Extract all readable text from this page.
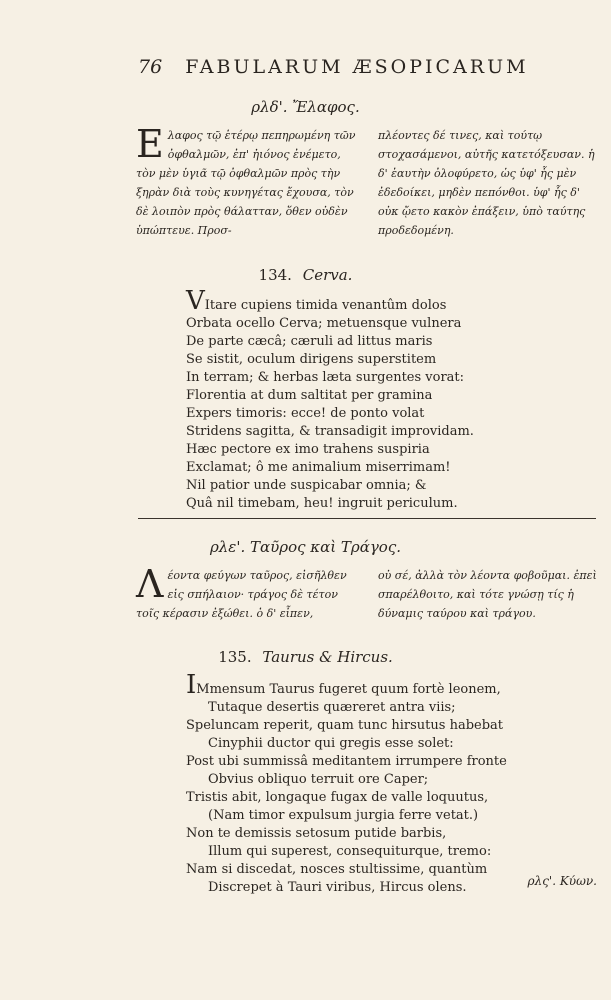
76 FABULARUM ÆSOPICARUM
ρλδ'. Ἔλαφος.
Ελαφος τῷ ἑτέρῳ πεπηρωμένη τῶν ὀφθαλμῶν, ἐπ' ἠιόνος ἐνέμετο, τὸν μὲν ὑγιᾶ τῷ ὀφθαλμῶν πρὸς τὴν ξηρὰν διὰ τοὺς κυνηγέτας ἔχουσα, τὸν δὲ λοιπὸν πρὸς θάλατταν, ὅθεν οὐδὲν ὑπώπτευε. Προσ-
πλέοντες δέ τινες, καὶ τούτῳ στοχασάμενοι, αὐτῆς κατετόξευσαν. ἡ δ' ἑαυτὴν ὀλοφύρετο, ὡς ὑφ' ἧς μὲν ἐδεδοίκει, μηδὲν πεπόνθοι. ὑφ' ἧς δ' οὐκ ᾤετο κακὸν ἐπάξειν, ὑπὸ ταύτης προδεδομένη.
134. Cerva.
VItare cupiens timida venantûm dolos
Orbata ocello Cerva; metuensque vulnera
De parte cæcâ; cæruli ad littus maris
Se sistit, oculum dirigens superstitem
In terram; & herbas læta surgentes vorat:
Florentia at dum saltitat per gramina
Expers timoris: ecce! de ponto volat
Stridens sagitta, & transadigit improvidam.
Hæc pectore ex imo trahens suspiria
Exclamat; ô me animalium miserrimam!
Nil patior unde suspicabar omnia; &
Quâ nil timebam, heu! ingruit periculum.
ρλε'. Ταῦρος καὶ Τράγος.
Λέοντα φεύγων ταῦρος, εἰσῆλθεν εἰς σπήλαιον· τράγος δὲ τέτον τοῖς κέρασιν ἐξώθει. ὁ δ' εἶπεν,
οὐ σέ, ἀλλὰ τὸν λέοντα φοβοῦμαι. ἐπεὶ σπαρέλθοιτο, καὶ τότε γνώσῃ τίς ἡ δύναμις ταύρου καὶ τράγου.
135. Taurus & Hircus.
IMmensum Taurus fugeret quum fortè leonem,
Tutaque desertis quæreret antra viis;
Speluncam reperit, quam tunc hirsutus habebat
Cinyphii ductor qui gregis esse solet:
Post ubi summissâ meditantem irrumpere fronte
Obvius obliquo terruit ore Caper;
Tristis abit, longaque fugax de valle loquutus,
(Nam timor expulsum jurgia ferre vetat.)
Non te demissis setosum putide barbis,
Illum qui superest, consequiturque, tremo:
Nam si discedat, nosces stultissime, quantùm
Discrepet à Tauri viribus, Hircus olens.	ρλς'. Κύων.
